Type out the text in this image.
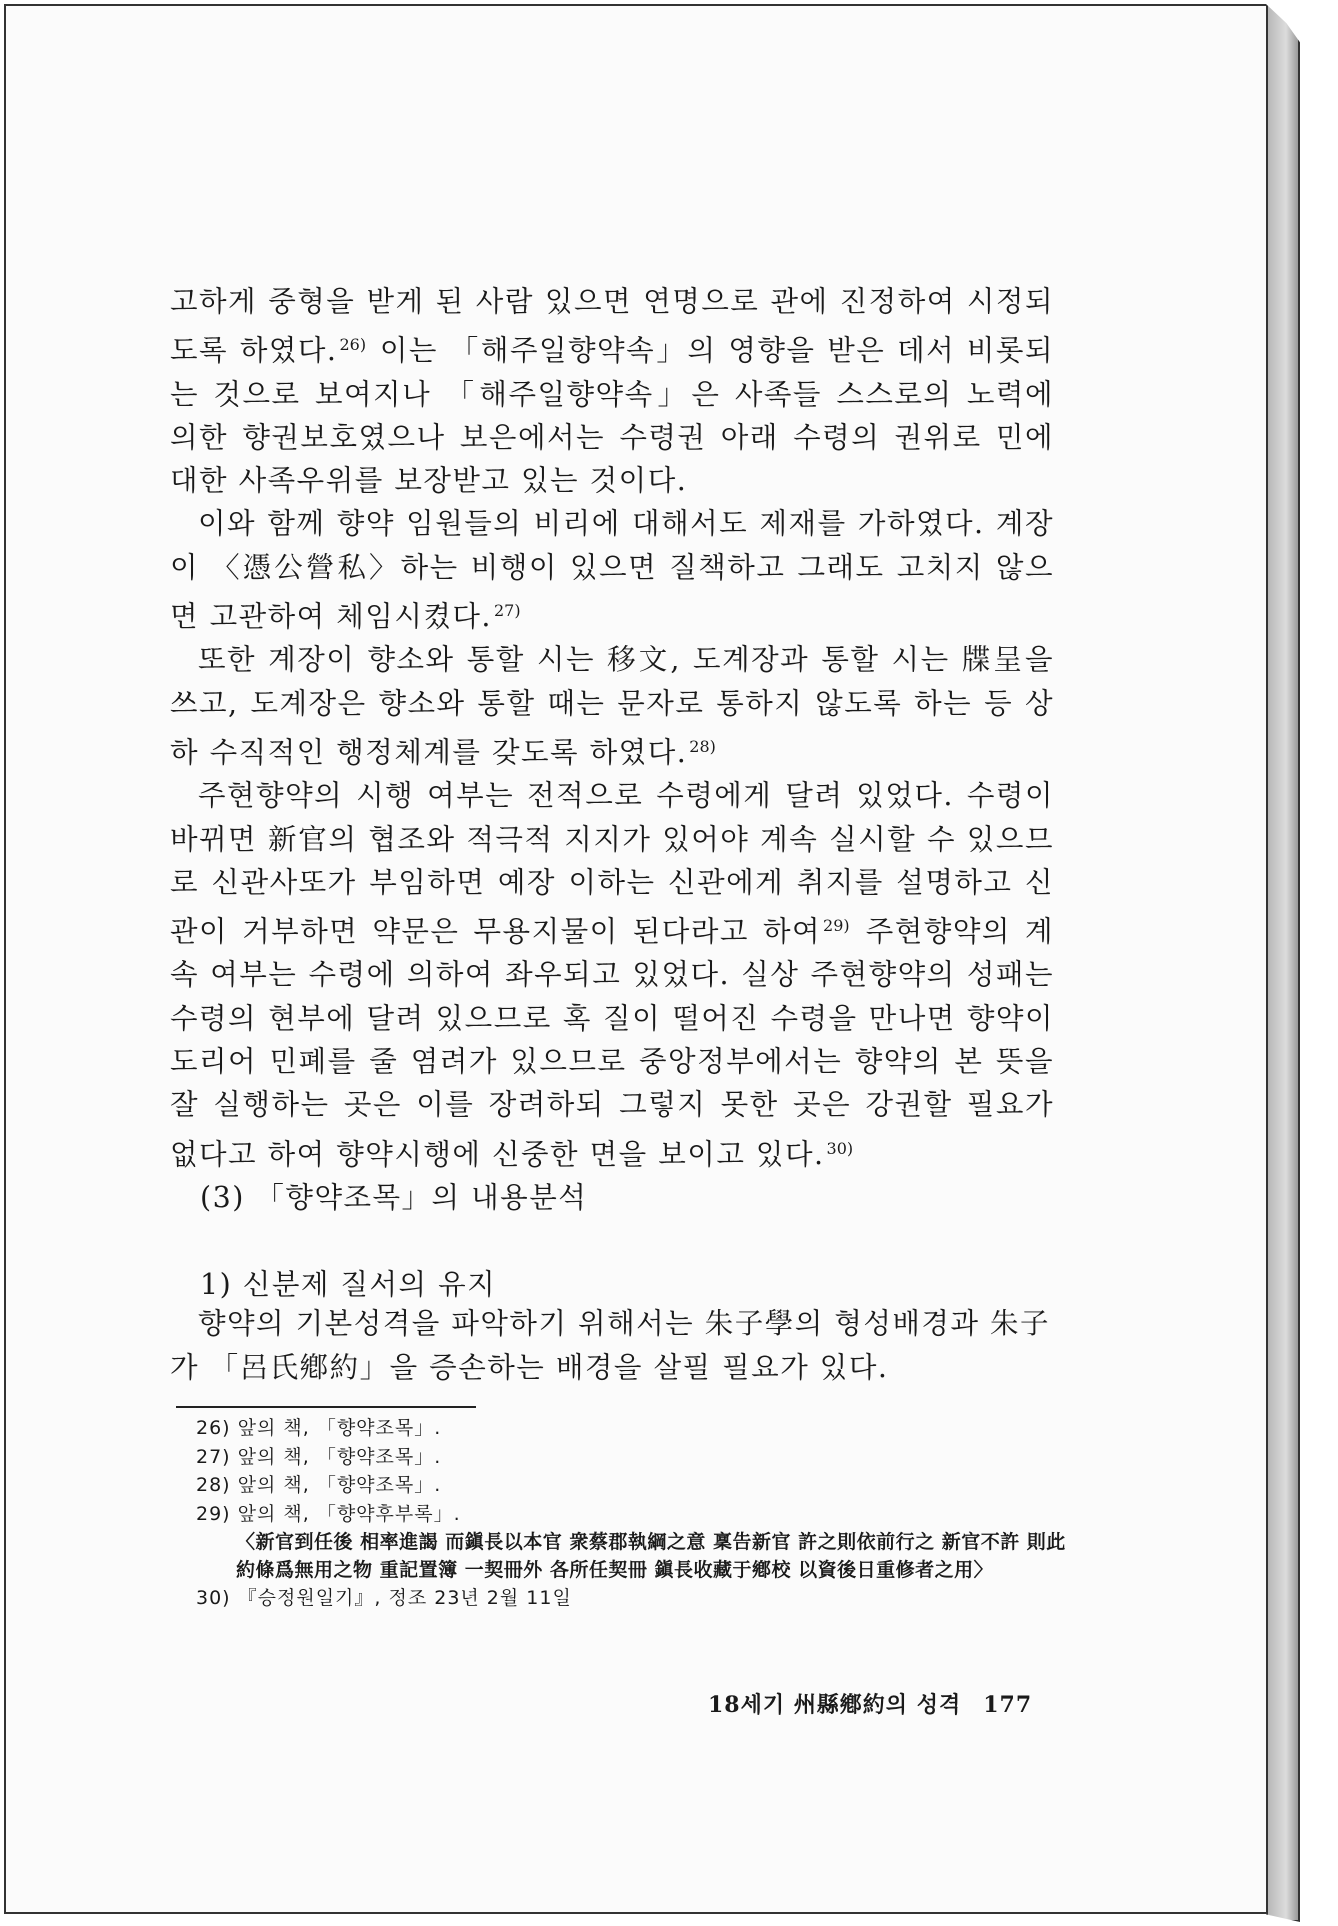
고하게 중형을 받게 된 사람 있으면 연명으로 관에 진정하여 시정되도록 하였다. $^{26)}$ 이는 「해주일향약속」의 영향을 받은 데서 비롯되는 것으로 보여지나 「해주일향약속」은 사족들 스스로의 노력에 의한 향권보호였으나 보은에서는 수령권 아래 수령의 권위로 민에 대한 사족우위를 보장받고 있는 것이다.

이와 함께 향약 임원들의 비리에 대해서도 제재를 가하였다. 계장이 〈憑公營私〉하는 비행이 있으면 질책하고 그래도 고치지 않으면 고관하여 체임시켰다. $^{27)}$

또한 계장이 향소와 통할 시는 移文, 도계장과 통할 시는 牒呈을 쓰고, 도계장은 향소와 통할 때는 문자로 통하지 않도록 하는 등 상하 수직적인 행정체계를 갖도록 하였다. $^{28)}$

주현향약의 시행 여부는 전적으로 수령에게 달려 있었다. 수령이 바뀌면 新官의 협조와 적극적 지지가 있어야 계속 실시할 수 있으므로 신관사또가 부임하면 예장 이하는 신관에게 취지를 설명하고 신관이 거부하면 약문은 무용지물이 된다라고 하여 $^{29)}$ 주현향약의 계속 여부는 수령에 의하여 좌우되고 있었다. 실상 주현향약의 성패는 수령의 현부에 달려 있으므로 혹 질이 떨어진 수령을 만나면 향약이 도리어 민폐를 줄 염려가 있으므로 중앙정부에서는 향약의 본 뜻을 잘 실행하는 곳은 이를 장려하되 그렇지 못한 곳은 강권할 필요가 없다고 하여 향약시행에 신중한 면을 보이고 있다. $^{30)}$

(3) 「향약조목」의 내용분석
1) 신분제 질서의 유지

향약의 기본성격을 파악하기 위해서는 朱子學의 형성배경과 朱子가 「呂氏鄕約」을 증손하는 배경을 살필 필요가 있다.

26) 앞의 책, 「향약조목」.
27) 앞의 책, 「향약조목」.
28) 앞의 책, 「향약조목」.
29) 앞의 책, 「향약후부록」.
〈新官到任後 相率進謁 而鎭長以本官 衆蔡郡執綱之意 稟告新官 許之則依前行之 新官不許 則此約條爲無用之物 重記置簿 一契冊外 各所任契冊 鎭長收藏于鄕校 以資後日重修者之用〉
30) 『승정원일기』, 정조 23년 2월 11일
18세기 州縣鄕約의 성격 177
